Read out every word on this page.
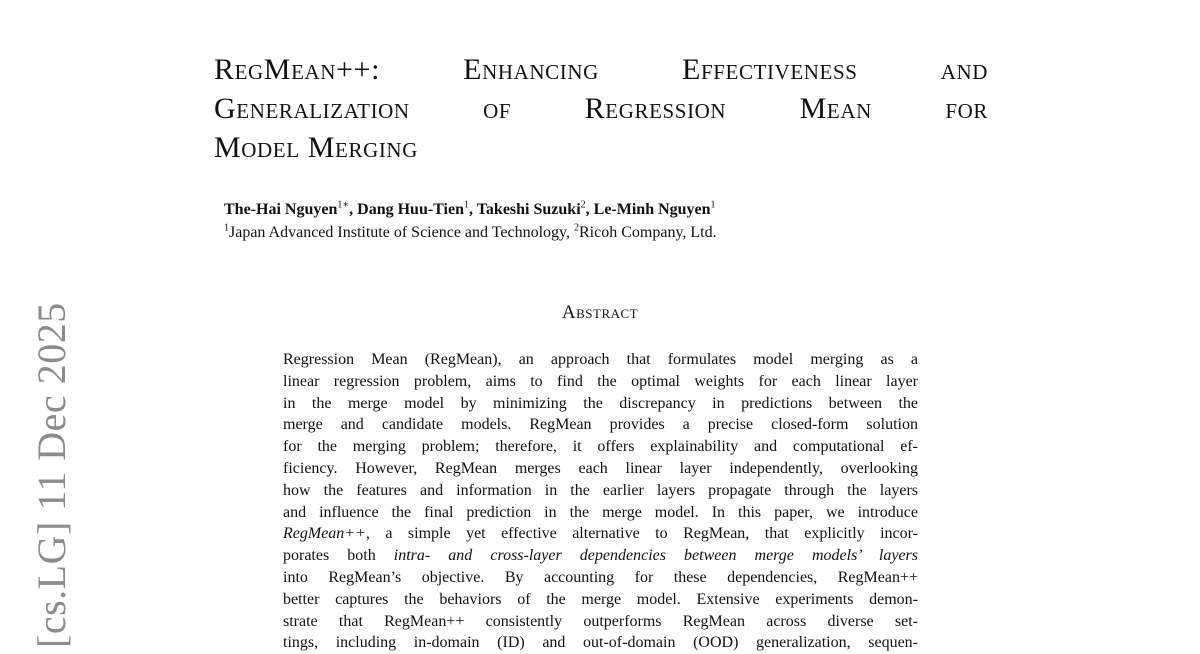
[cs.LG] 11 Dec 2025
RegMean++: Enhancing Effectiveness and
Generalization of Regression Mean for
Model Merging
The-Hai Nguyen$^{1∗}$, Dang Huu-Tien$^1$, Takeshi Suzuki$^2$, Le-Minh Nguyen$^1$
$^1$Japan Advanced Institute of Science and Technology, $^2$Ricoh Company, Ltd.
Abstract
Regression Mean (RegMean), an approach that formulates model merging as a
linear regression problem, aims to find the optimal weights for each linear layer
in the merge model by minimizing the discrepancy in predictions between the
merge and candidate models. RegMean provides a precise closed-form solution
for the merging problem; therefore, it offers explainability and computational ef-
ficiency. However, RegMean merges each linear layer independently, overlooking
how the features and information in the earlier layers propagate through the layers
and influence the final prediction in the merge model. In this paper, we introduce
RegMean++, a simple yet effective alternative to RegMean, that explicitly incor-
porates both intra- and cross-layer dependencies between merge models’ layers
into RegMean’s objective. By accounting for these dependencies, RegMean++
better captures the behaviors of the merge model. Extensive experiments demon-
strate that RegMean++ consistently outperforms RegMean across diverse set-
tings, including in-domain (ID) and out-of-domain (OOD) generalization, sequen-
